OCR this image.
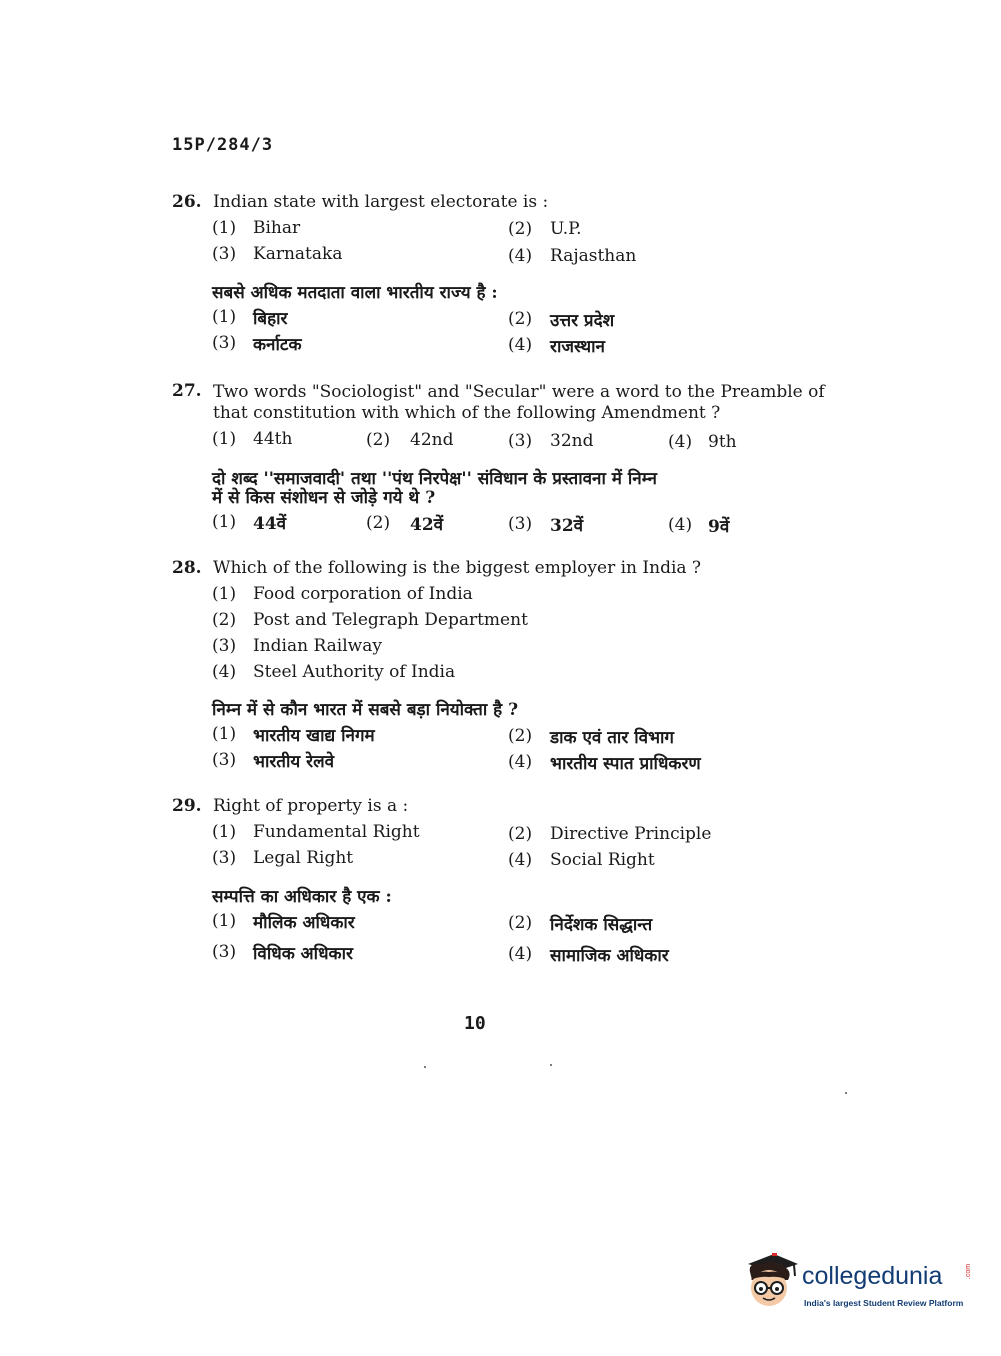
15P/284/3
26. Indian state with largest electorate is :
(1) Bihar	(2) U.P.
(3) Karnataka	(4) Rajasthan
सबसे अधिक मतदाता वाला भारतीय राज्य है :
(1) बिहार	(2) उत्तर प्रदेश
(3) कर्नाटक	(4) राजस्थान
27. Two words "Sociologist" and "Secular" were a word to the Preamble of
that constitution with which of the following Amendment ?
(1) 44th	(2) 42nd	(3) 32nd	(4) 9th
दो शब्द ''समाजवादी' तथा ''पंथ निरपेक्ष'' संविधान के प्रस्तावना में निम्न
में से किस संशोधन से जोड़े गये थे ?
(1) 44वें	(2) 42वें	(3) 32वें	(4) 9वें
28. Which of the following is the biggest employer in India ?
(1) Food corporation of India
(2) Post and Telegraph Department
(3) Indian Railway
(4) Steel Authority of India
निम्न में से कौन भारत में सबसे बड़ा नियोक्ता है ?
(1) भारतीय खाद्य निगम	(2) डाक एवं तार विभाग
(3) भारतीय रेलवे	(4) भारतीय स्पात प्राधिकरण
29. Right of property is a :
(1) Fundamental Right	(2) Directive Principle
(3) Legal Right	(4) Social Right
सम्पत्ति का अधिकार है एक :
(1) मौलिक अधिकार	(2) निर्देशक सिद्धान्त
(3) विधिक अधिकार	(4) सामाजिक अधिकार
10
collegedunia	.com
India's largest Student Review Platform
